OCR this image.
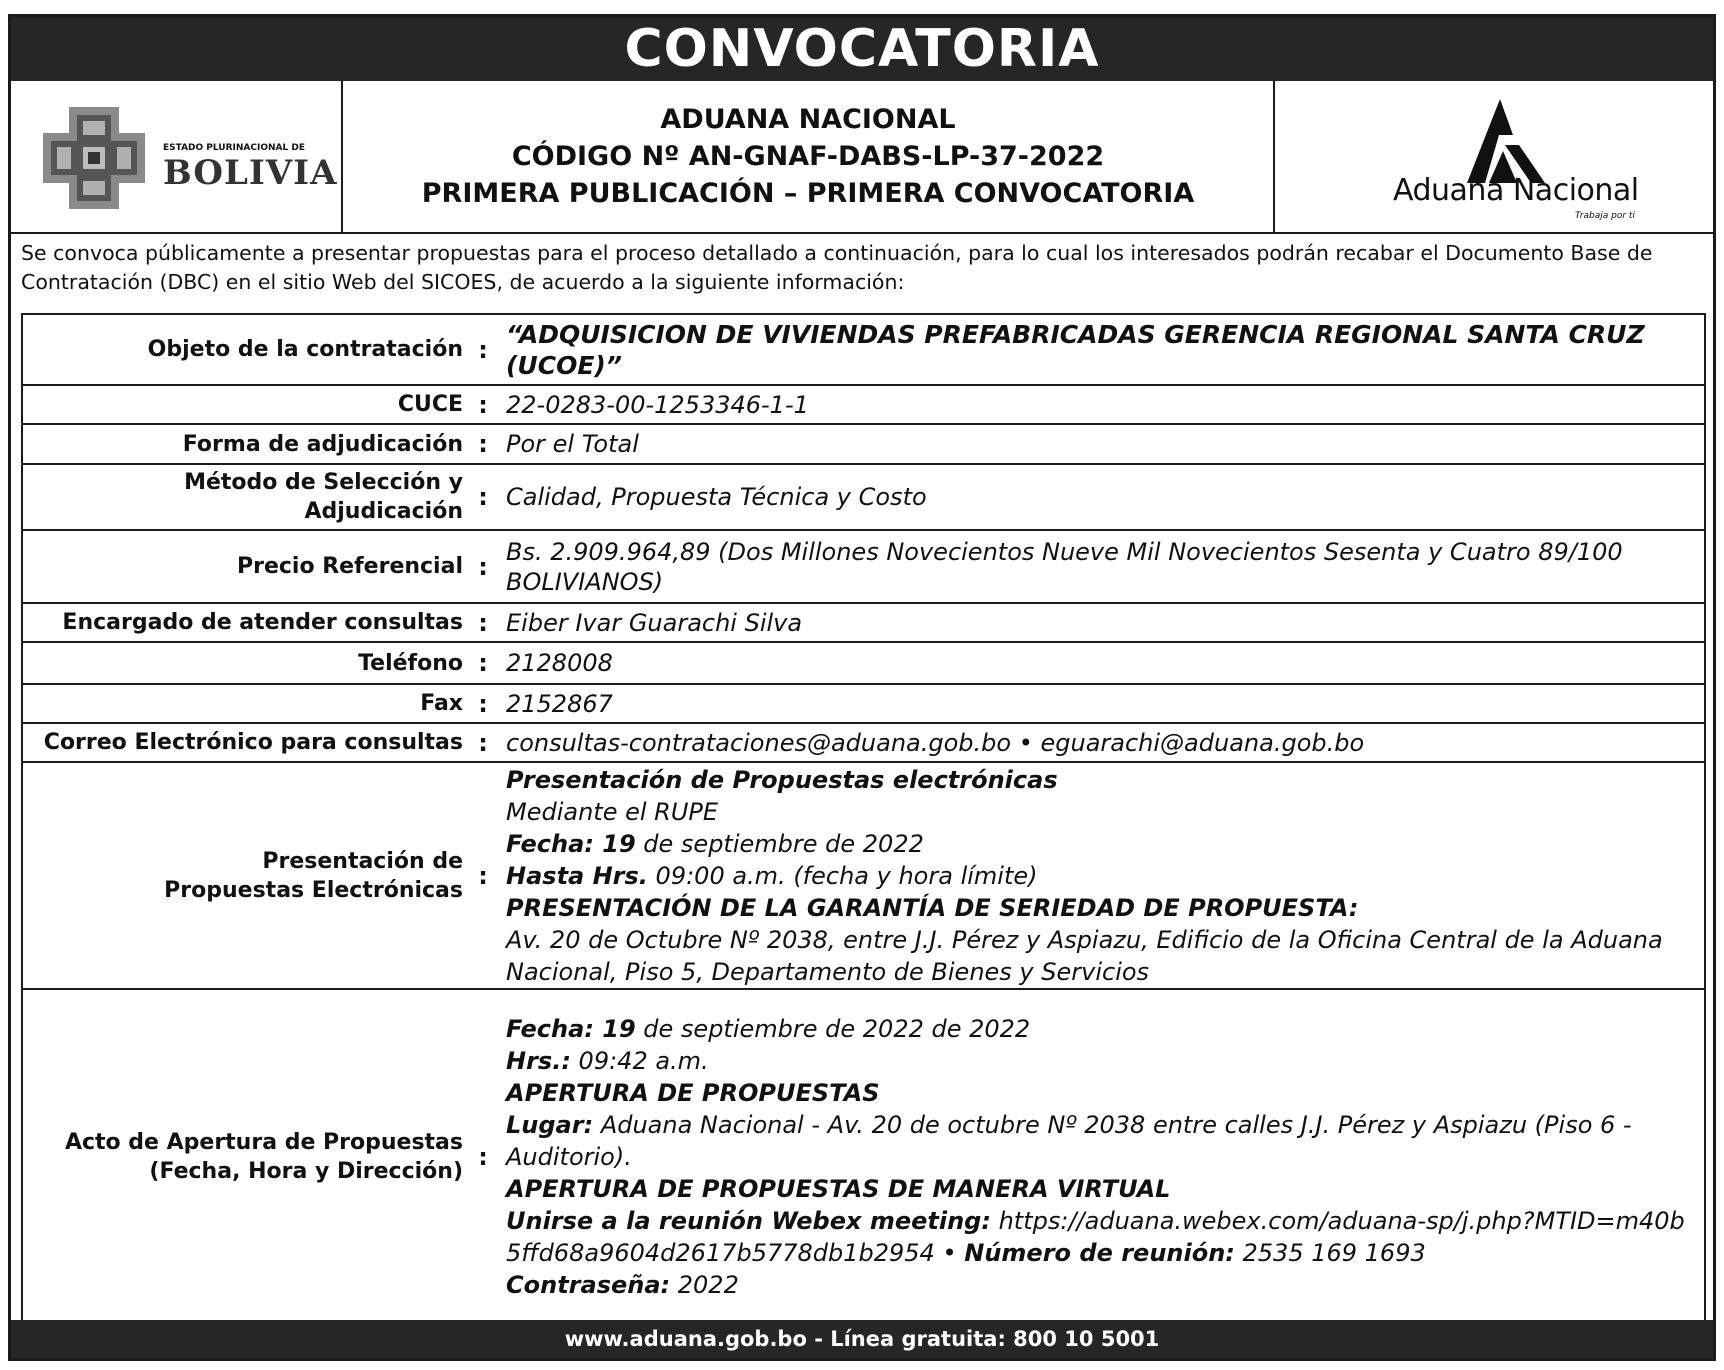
CONVOCATORIA
ESTADO PLURINACIONAL DE
BOLIVIA
ADUANA NACIONAL
CÓDIGO Nº AN-GNAF-DABS-LP-37-2022
PRIMERA PUBLICACIÓN – PRIMERA CONVOCATORIA	Aduana Nacional
Trabaja por ti
Se convoca públicamente a presentar propuestas para el proceso detallado a continuación, para lo cual los interesados podrán recabar el Documento Base de Contratación (DBC) en el sitio Web del SICOES, de acuerdo a la siguiente información:
Objeto de la contratación :
“ADQUISICION DE VIVIENDAS PREFABRICADAS GERENCIA REGIONAL SANTA CRUZ (UCOE)”
CUCE : 22-0283-00-1253346-1-1
Forma de adjudicación : Por el Total
Método de Selección y Adjudicación
: Calidad, Propuesta Técnica y Costo
Precio Referencial :
Bs. 2.909.964,89 (Dos Millones Novecientos Nueve Mil Novecientos Sesenta y Cuatro 89/100 BOLIVIANOS)
Encargado de atender consultas : Eiber Ivar Guarachi Silva
Teléfono : 2128008
Fax : 2152867
Correo Electrónico para consultas : consultas-contrataciones@aduana.gob.bo • eguarachi@aduana.gob.bo
Presentación de Propuestas Electrónicas
:
Presentación de Propuestas electrónicas
Mediante el RUPE
Fecha: 19 de septiembre de 2022
Hasta Hrs. 09:00 a.m. (fecha y hora límite)
PRESENTACIÓN DE LA GARANTÍA DE SERIEDAD DE PROPUESTA:
Av. 20 de Octubre Nº 2038, entre J.J. Pérez y Aspiazu, Edificio de la Oficina Central de la Aduana Nacional, Piso 5, Departamento de Bienes y Servicios
Acto de Apertura de Propuestas
(Fecha, Hora y Dirección)
:
Fecha: 19 de septiembre de 2022 de 2022
Hrs.: 09:42 a.m.
APERTURA DE PROPUESTAS
Lugar: Aduana Nacional - Av. 20 de octubre Nº 2038 entre calles J.J. Pérez y Aspiazu (Piso 6 - Auditorio).
APERTURA DE PROPUESTAS DE MANERA VIRTUAL
Unirse a la reunión Webex meeting: https://aduana.webex.com/aduana-sp/j.php?MTID=m40b5ffd68a9604d2617b5778db1b2954 • Número de reunión: 2535 169 1693
Contraseña: 2022
www.aduana.gob.bo - Línea gratuita: 800 10 5001
